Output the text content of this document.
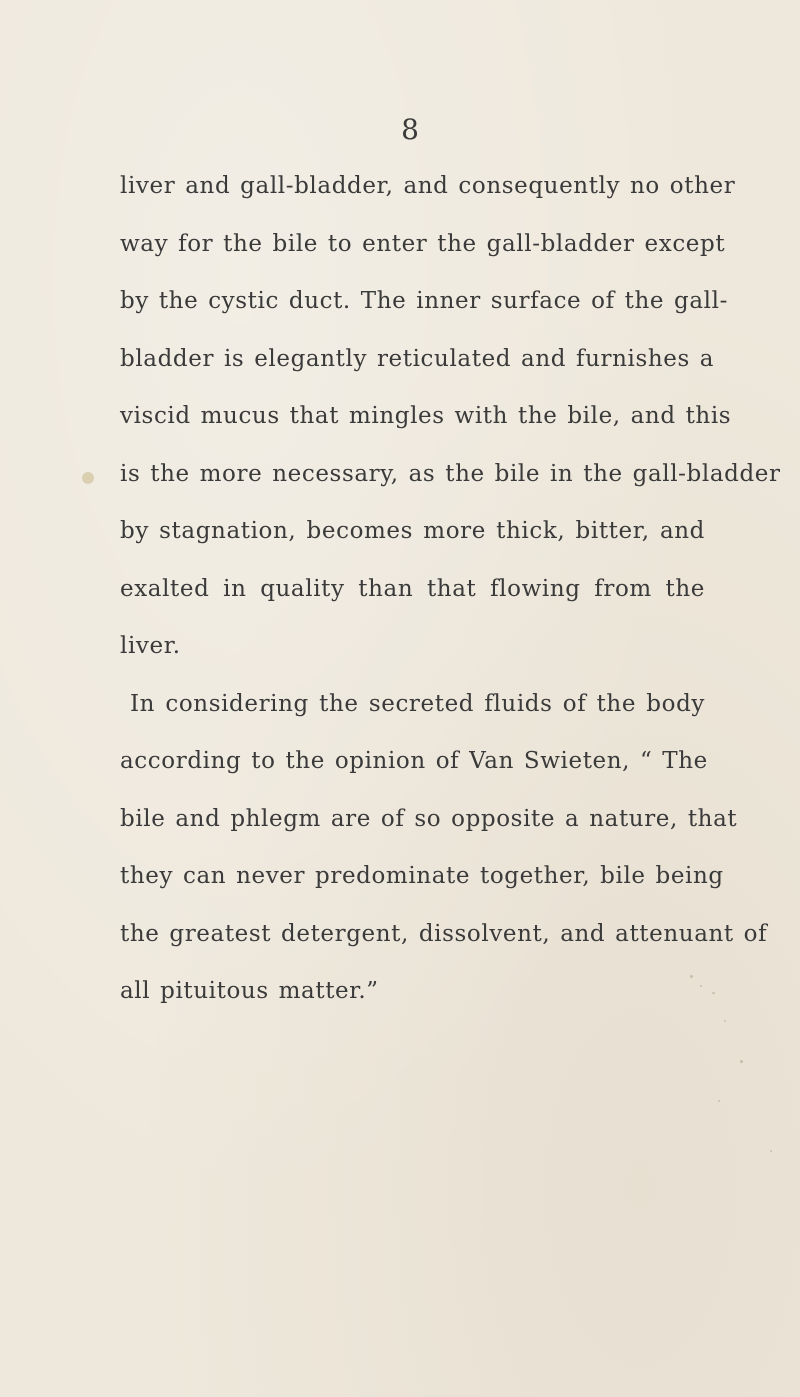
8
liver and gall-bladder, and consequently no other
way for the bile to enter the gall-bladder except
by the cystic duct. The inner surface of the gall-
bladder is elegantly reticulated and furnishes a
viscid mucus that mingles with the bile, and this
is the more necessary, as the bile in the gall-bladder
by stagnation, becomes more thick, bitter, and
exalted in quality than that flowing from the
liver.
In considering the secreted fluids of the body
according to the opinion of Van Swieten, “ The
bile and phlegm are of so opposite a nature, that
they can never predominate together, bile being
the greatest detergent, dissolvent, and attenuant of
all pituitous matter.”
